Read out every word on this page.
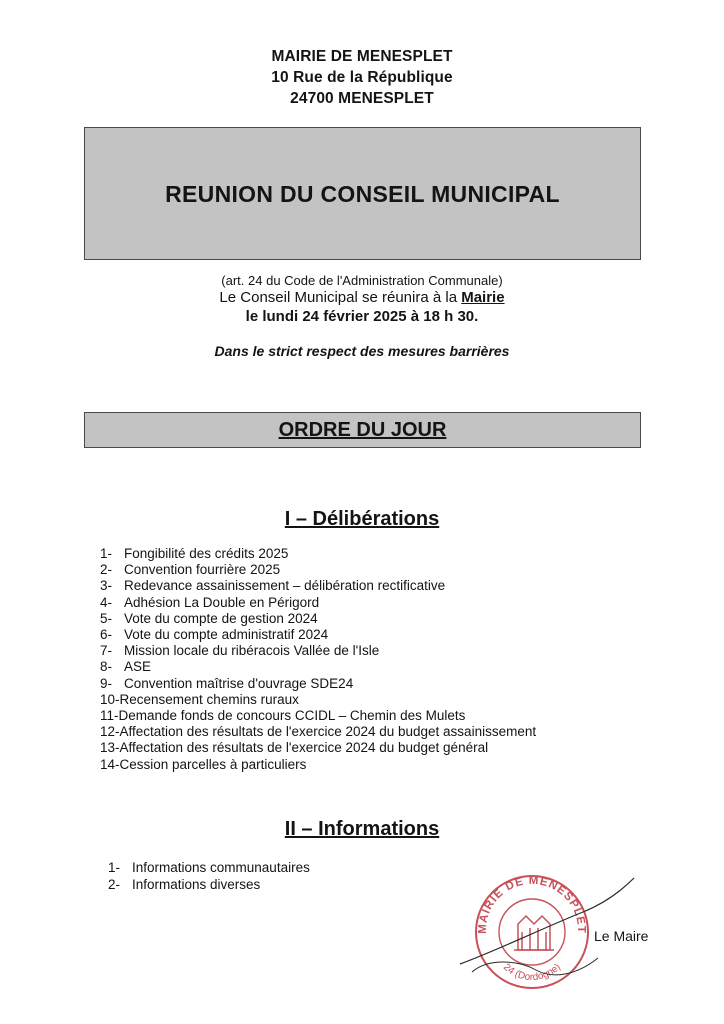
MAIRIE DE MENESPLET
10 Rue de la République
24700 MENESPLET
REUNION DU CONSEIL MUNICIPAL
(art. 24 du Code de l'Administration Communale)
Le Conseil Municipal se réunira à la Mairie
le lundi 24 février 2025 à 18 h 30.
Dans le strict respect des mesures barrières
ORDRE DU JOUR
I – Délibérations
1- Fongibilité des crédits 2025
2- Convention fourrière 2025
3- Redevance assainissement – délibération rectificative
4- Adhésion La Double en Périgord
5- Vote du compte de gestion 2024
6- Vote du compte administratif 2024
7- Mission locale du ribéracois Vallée de l'Isle
8- ASE
9- Convention maîtrise d'ouvrage SDE24
10-Recensement chemins ruraux
11-Demande fonds de concours CCIDL – Chemin des Mulets
12-Affectation des résultats de l'exercice 2024 du budget assainissement
13-Affectation des résultats de l'exercice 2024 du budget général
14-Cession parcelles à particuliers
II – Informations
1- Informations communautaires
2- Informations diverses
MAIRIE DE MENESPLET
24 (Dordogne)
Le Maire
